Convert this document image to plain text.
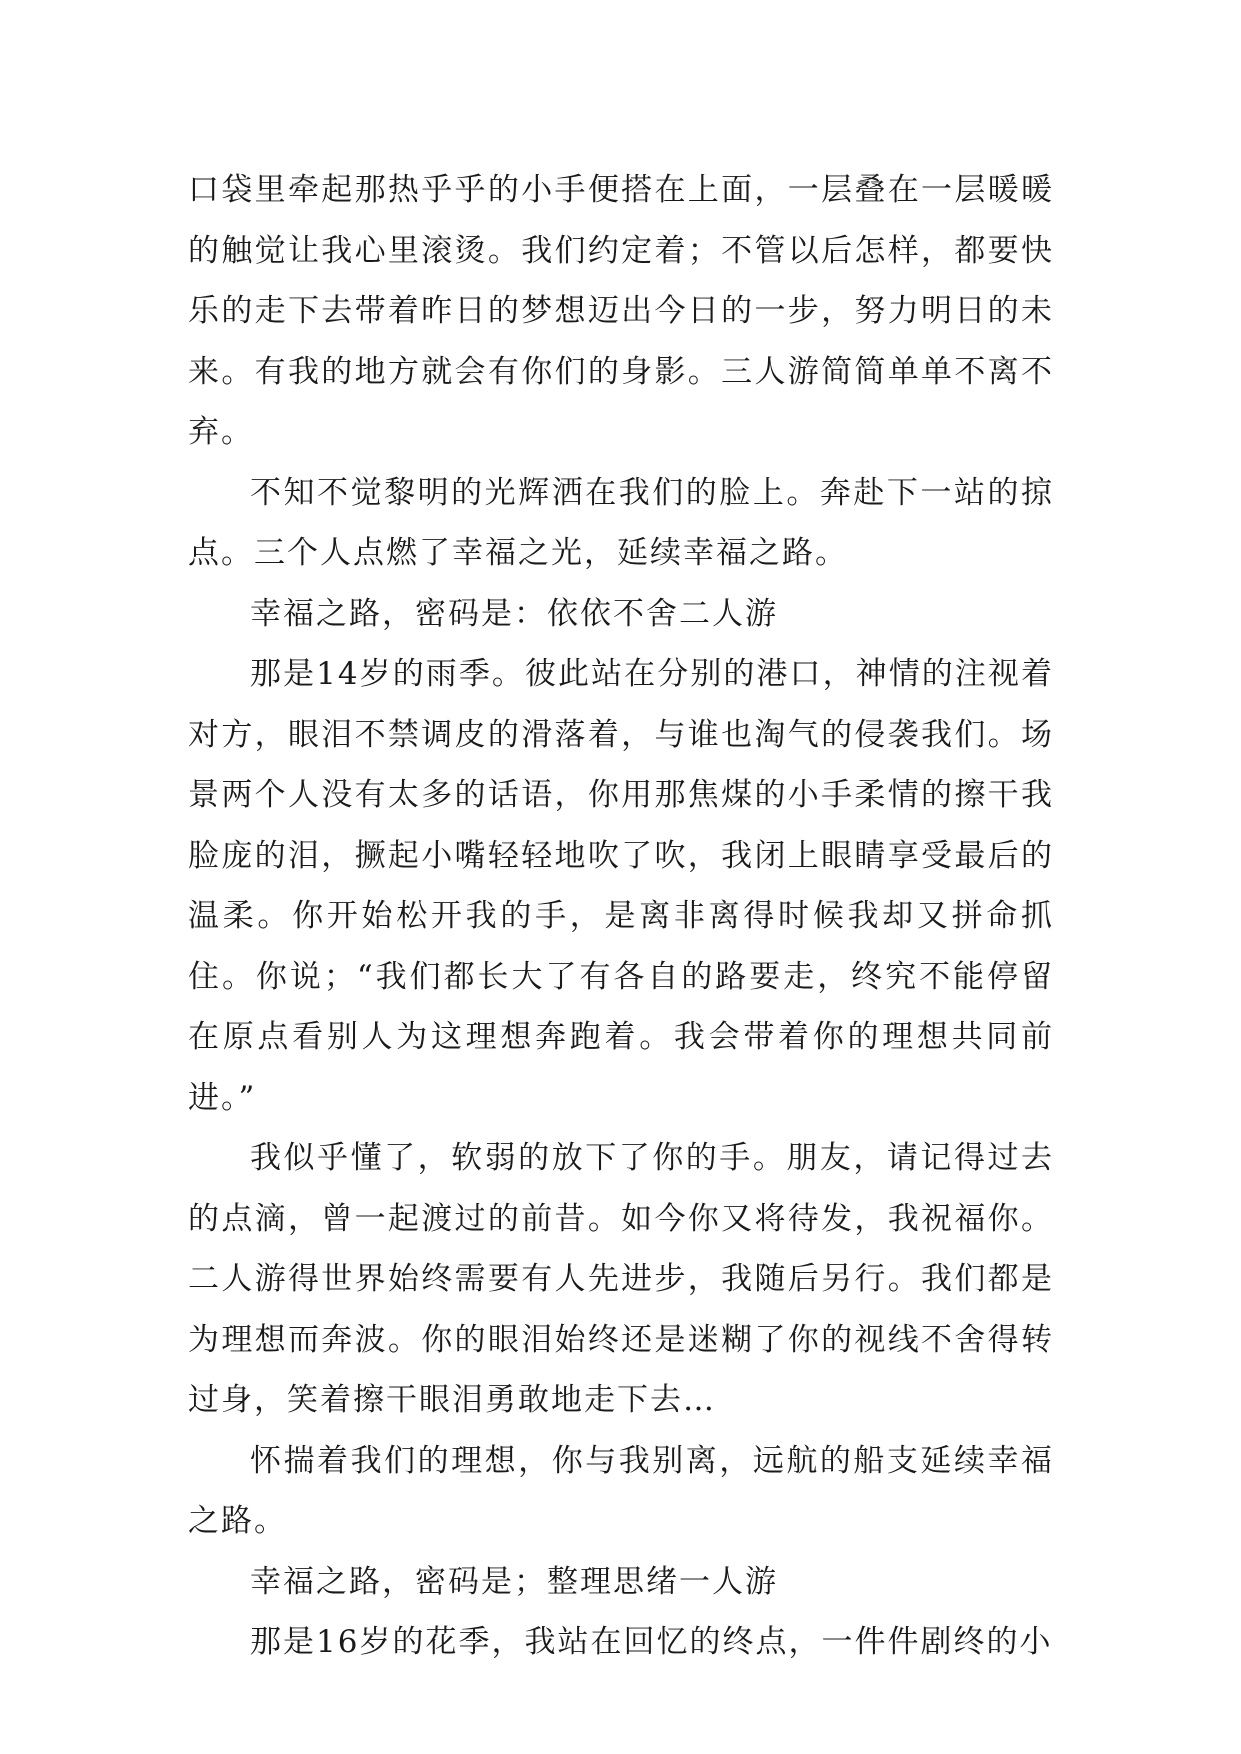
口袋里牵起那热乎乎的小手便搭在上面，一层叠在一层暖暖的触觉让我心里滚烫。我们约定着；不管以后怎样，都要快乐的走下去带着昨日的梦想迈出今日的一步，努力明日的未来。有我的地方就会有你们的身影。三人游简简单单不离不弃。

不知不觉黎明的光辉洒在我们的脸上。奔赴下一站的掠点。三个人点燃了幸福之光，延续幸福之路。

幸福之路，密码是：依依不舍二人游

那是14岁的雨季。彼此站在分别的港口，神情的注视着对方，眼泪不禁调皮的滑落着，与谁也淘气的侵袭我们。场景两个人没有太多的话语，你用那焦煤的小手柔情的擦干我脸庞的泪，撅起小嘴轻轻地吹了吹，我闭上眼睛享受最后的温柔。你开始松开我的手，是离非离得时候我却又拼命抓住。你说；“我们都长大了有各自的路要走，终究不能停留在原点看别人为这理想奔跑着。我会带着你的理想共同前进。”

我似乎懂了，软弱的放下了你的手。朋友，请记得过去的点滴，曾一起渡过的前昔。如今你又将待发，我祝福你。二人游得世界始终需要有人先进步，我随后另行。我们都是为理想而奔波。你的眼泪始终还是迷糊了你的视线不舍得转过身，笑着擦干眼泪勇敢地走下去…

怀揣着我们的理想，你与我别离，远航的船支延续幸福之路。

幸福之路，密码是；整理思绪一人游

那是16岁的花季，我站在回忆的终点，一件件剧终的小
